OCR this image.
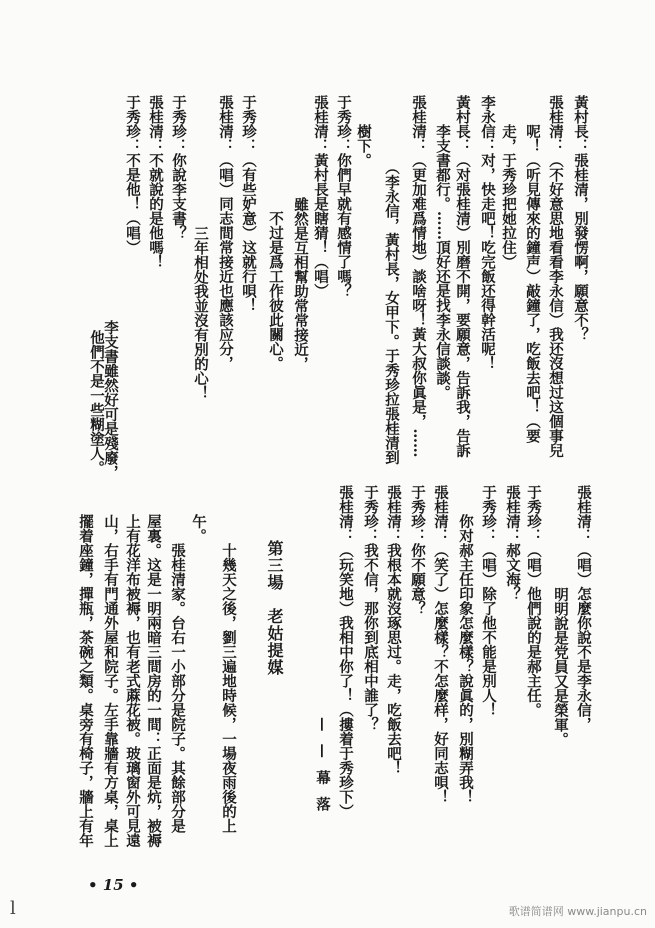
黃村長：張桂清，別發愣啊，願意不？
張桂清：（不好意思地看看李永信）我还沒想过这個事兒
呢！（听見傳來的鐘声）敲鐘了，吃飯去吧！（要
走，于秀珍把她拉住）
李永信：对，快走吧！吃完飯还得幹活呢！
黃村長：（对張桂清）別磨不開，要願意，告訴我，告訴
李支書都行。……頂好还是找李永信談談。
張桂清：（更加难爲情地）談啥呀！黃大叔你眞是，……
（李永信，黃村長，女甲下。于秀珍拉張桂清到
樹下。
于秀珍：你們早就有感情了嗎？
張桂清：黃村長是瞎猜！（唱）
雖然是互相幫助常常接近，
不过是爲工作彼此關心。
于秀珍：（有些妒意）这就行唄！
張桂清：（唱）同志間常接近也應該应分，
三年相处我並沒有別的心！
于秀珍：你說李支書？
張桂清：不就說的是他嗎！
于秀珍：不是他！（唱）
李支書雖然好可是殘廢，
他們不是一些糊塗人。
張桂清：（唱）怎麼你說不是李永信，
明明說是党員又是榮軍。
于秀珍：（唱）他們說的是郝主任。
張桂清：郝文海？
于秀珍：（唱）除了他不能是別人！
你对郝主任印象怎麼樣？說眞的，別糊弄我！
張桂清：（笑了）怎麼樣？不怎麼样，好同志唄！
于秀珍：你不願意？
張桂清：我根本就沒琢思过。走，吃飯去吧！
于秀珍：我不信，那你到底相中誰了？
張桂清：（玩笑地）我相中你了！（摟着于秀珍下）
——幕落
第三場　老姑提媒
十幾天之後，劉三遍地時候，一場夜雨後的上
午。
張桂清家。台右一小部分是院子。其餘部分是
屋裏。这是一明兩暗三間房的一間：正面是炕，被褥
上有花洋布被褥，也有老式蔴花被。玻璃窗外可見遠
山，右手有門通外屋和院子。左手靠牆有方桌，桌上
擺着座鐘，撣瓶，茶碗之類。桌旁有椅子，牆上有年
• 15 •
l	歌谱简谱网 www.jianpu.cn
